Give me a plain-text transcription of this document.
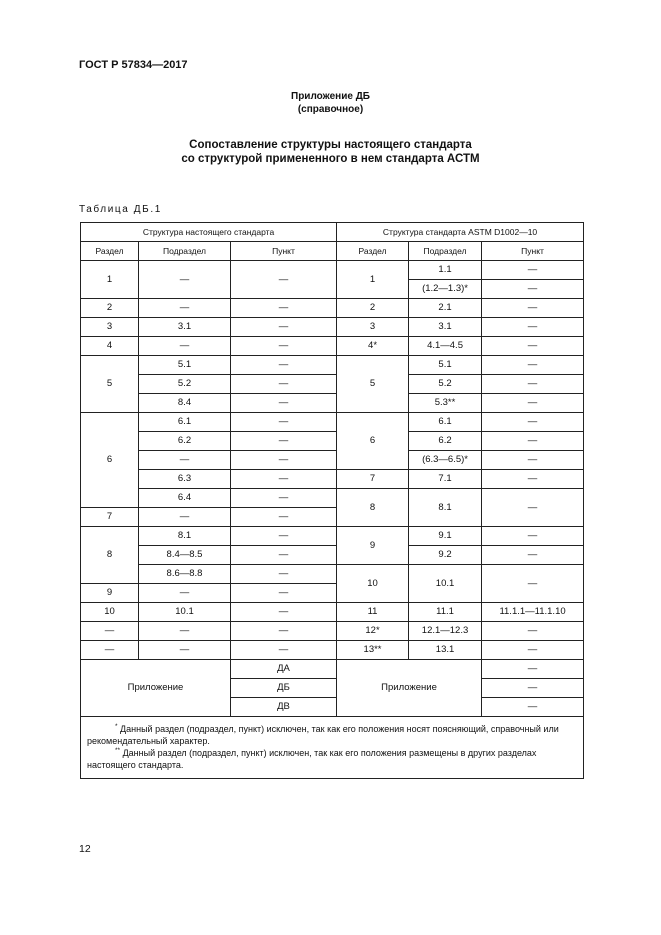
ГОСТ Р 57834—2017
Приложение ДБ
(справочное)
Сопоставление структуры настоящего стандарта
со структурой примененного в нем стандарта АСТМ
Таблица ДБ.1
Структура настоящего стандарта			Структура стандарта ASTM D1002—10		
Раздел	Подраздел	Пункт	Раздел	Подраздел	Пункт
1	—	—	1	1.1	—
				(1.2—1.3)*	—
2	—	—	2	2.1	—
3	3.1	—	3	3.1	—
4	—	—	4*	4.1—4.5	—
5	5.1	—	5	5.1	—
	5.2	—		5.2	—
	8.4	—		5.3**	—
6	6.1	—	6	6.1	—
	6.2	—		6.2	—
	—	—		(6.3—6.5)*	—
	6.3	—	7	7.1	—
	6.4	—	8	8.1	—
7	—	—			
8	8.1	—	9	9.1	—
	8.4—8.5	—		9.2	—
	8.6—8.8	—	10	10.1	—
9	—	—			
10	10.1	—	11	11.1	11.1.1—11.1.10
—	—	—	12*	12.1—12.3	—
—	—	—	13**	13.1	—
Приложение		ДА	Приложение		—
		ДБ			—
		ДВ			—

* Данный раздел (подраздел, пункт) исключен, так как его положения носят поясняющий, справочный или рекомендательный характер.

** Данный раздел (подраздел, пункт) исключен, так как его положения размещены в других разделах настоящего стандарта.					

12
